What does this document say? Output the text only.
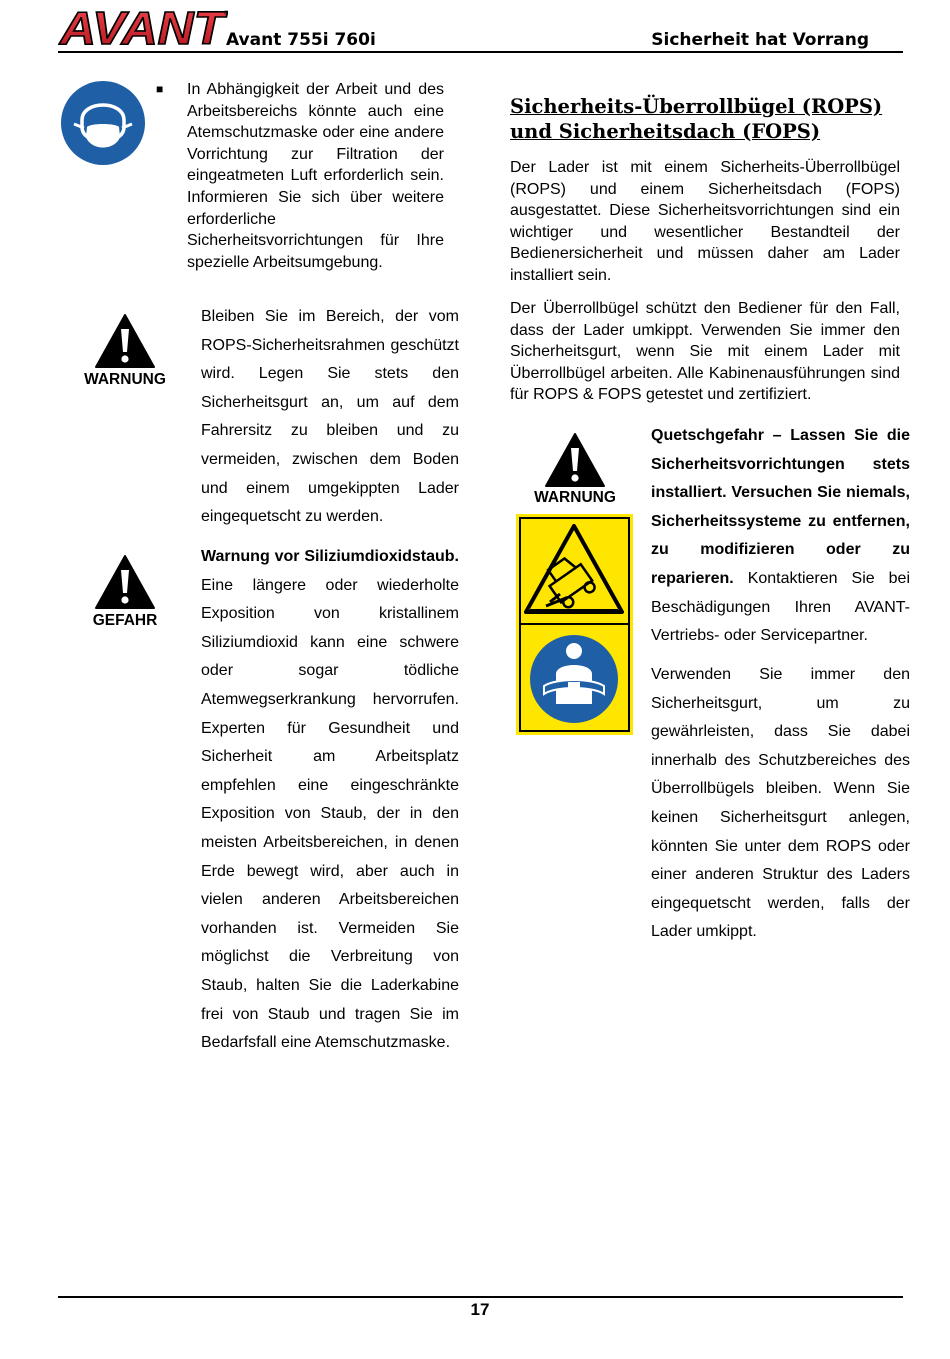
AVANT
®
Avant 755i 760i	Sicherheit hat Vorrang
■ In Abhängigkeit der Arbeit und des Arbeitsbereichs könnte auch eine Atemschutzmaske oder eine andere Vorrichtung zur Filtration der eingeatmeten Luft erforderlich sein. Informieren Sie sich über weitere erforderliche Sicherheitsvorrichtungen für Ihre spezielle Arbeitsumgebung.
WARNUNG
Bleiben Sie im Bereich, der vom ROPS-Sicherheitsrahmen geschützt wird. Legen Sie stets den Sicherheitsgurt an, um auf dem Fahrersitz zu bleiben und zu vermeiden, zwischen dem Boden und einem umgekippten Lader eingequetscht zu werden.
GEFAHR
Warnung vor Siliziumdioxidstaub. Eine längere oder wiederholte Exposition von kristallinem Siliziumdioxid kann eine schwere oder sogar tödliche Atemwegserkrankung hervorrufen. Experten für Gesundheit und Sicherheit am Arbeitsplatz empfehlen eine eingeschränkte Exposition von Staub, der in den meisten Arbeitsbereichen, in denen Erde bewegt wird, aber auch in vielen anderen Arbeitsbereichen vorhanden ist. Vermeiden Sie möglichst die Verbreitung von Staub, halten Sie die Laderkabine frei von Staub und tragen Sie im Bedarfsfall eine Atemschutzmaske.
Sicherheits-Überrollbügel (ROPS) und Sicherheitsdach (FOPS)
Der Lader ist mit einem Sicherheits-Überrollbügel (ROPS) und einem Sicherheitsdach (FOPS) ausgestattet. Diese Sicherheitsvorrichtungen sind ein wichtiger und wesentlicher Bestandteil der Bedienersicherheit und müssen daher am Lader installiert sein.
Der Überrollbügel schützt den Bediener für den Fall, dass der Lader umkippt. Verwenden Sie immer den Sicherheitsgurt, wenn Sie mit einem Lader mit Überrollbügel arbeiten. Alle Kabinenausführungen sind für ROPS & FOPS getestet und zertifiziert.
WARNUNG
Quetschgefahr – Lassen Sie die Sicherheitsvorrichtungen stets installiert. Versuchen Sie niemals, Sicherheitssysteme zu entfernen, zu modifizieren oder zu reparieren. Kontaktieren Sie bei Beschädigungen Ihren AVANT-Vertriebs- oder Servicepartner.
Verwenden Sie immer den Sicherheitsgurt, um zu gewährleisten, dass Sie dabei innerhalb des Schutzbereiches des Überrollbügels bleiben. Wenn Sie keinen Sicherheitsgurt anlegen, könnten Sie unter dem ROPS oder einer anderen Struktur des Laders eingequetscht werden, falls der Lader umkippt.
17
